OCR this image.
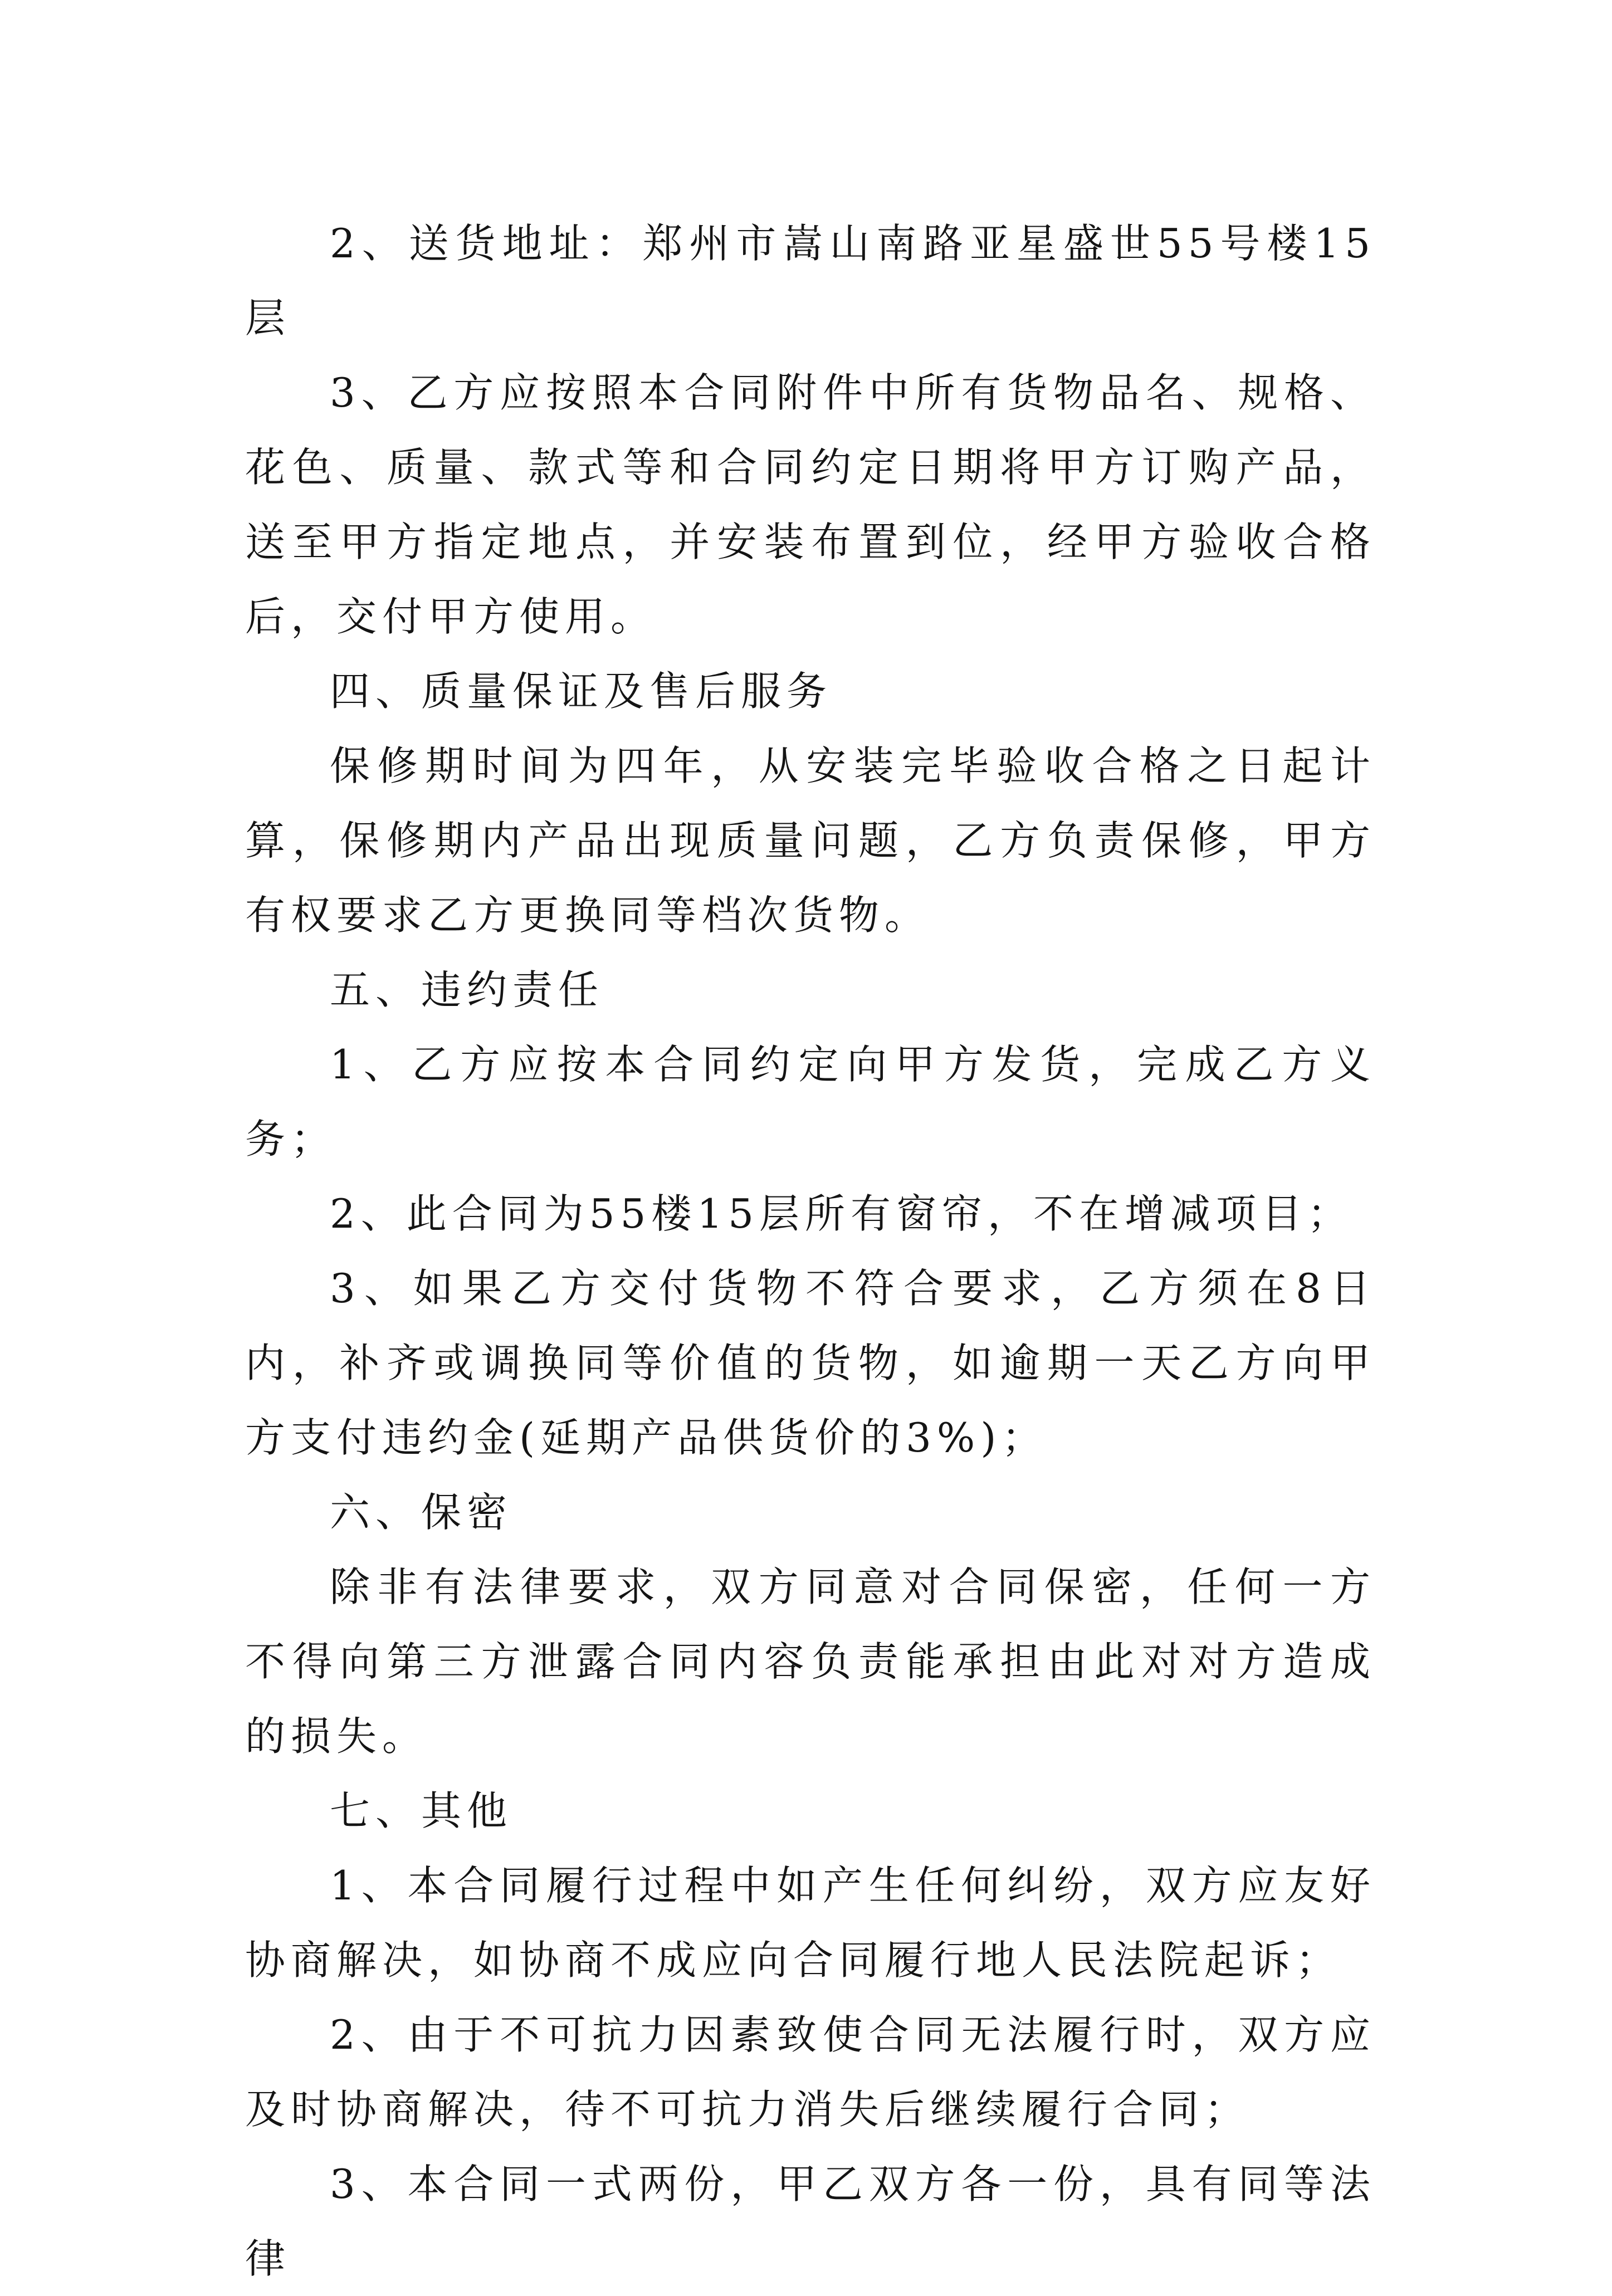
2、送货地址：郑州市嵩山南路亚星盛世55号楼15层

3、乙方应按照本合同附件中所有货物品名、规格、花色、质量、款式等和合同约定日期将甲方订购产品，送至甲方指定地点，并安装布置到位，经甲方验收合格后，交付甲方使用。

四、质量保证及售后服务

保修期时间为四年，从安装完毕验收合格之日起计算，保修期内产品出现质量问题，乙方负责保修，甲方有权要求乙方更换同等档次货物。

五、违约责任

1、乙方应按本合同约定向甲方发货，完成乙方义务；

2、此合同为55楼15层所有窗帘，不在增减项目；

3、如果乙方交付货物不符合要求，乙方须在8日内，补齐或调换同等价值的货物，如逾期一天乙方向甲方支付违约金(延期产品供货价的3%)；

六、保密

除非有法律要求，双方同意对合同保密，任何一方不得向第三方泄露合同内容负责能承担由此对对方造成的损失。

七、其他

1、本合同履行过程中如产生任何纠纷，双方应友好协商解决，如协商不成应向合同履行地人民法院起诉；

2、由于不可抗力因素致使合同无法履行时，双方应及时协商解决，待不可抗力消失后继续履行合同；

3、本合同一式两份，甲乙双方各一份，具有同等法律
